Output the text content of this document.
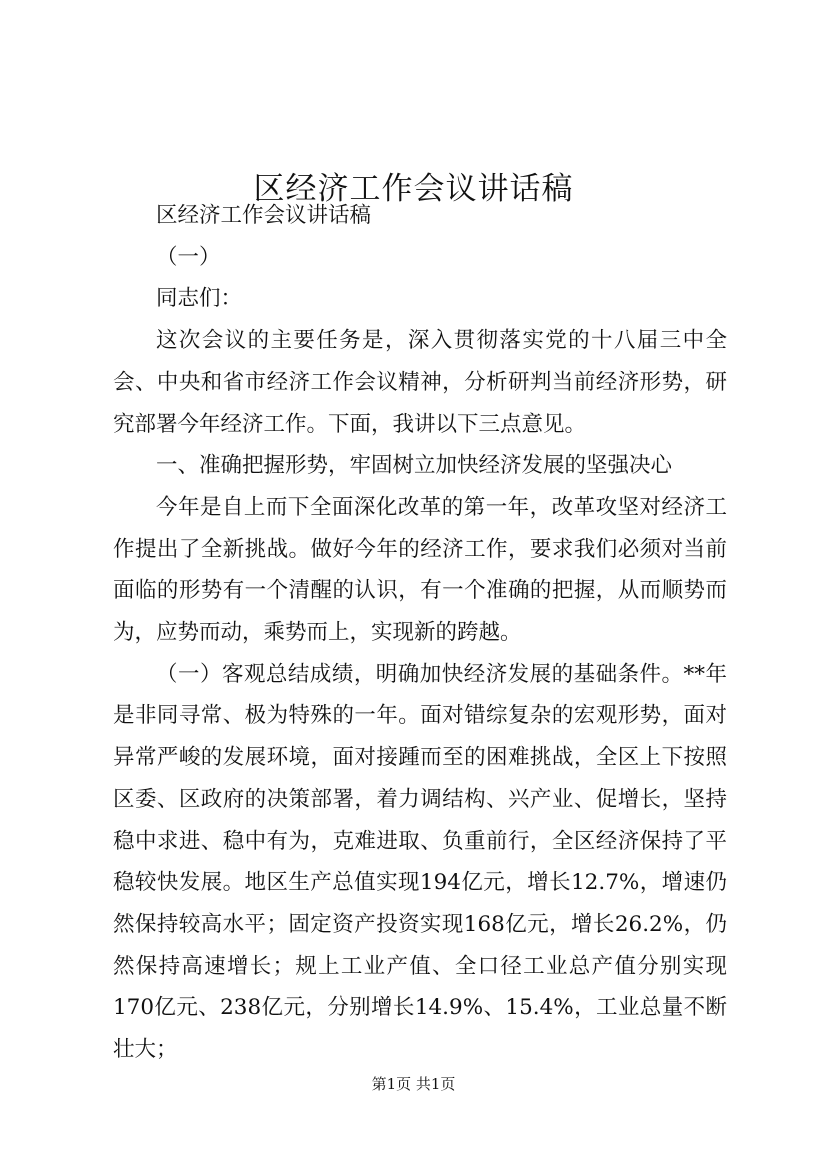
区经济工作会议讲话稿

区经济工作会议讲话稿

（一）

同志们：

这次会议的主要任务是，深入贯彻落实党的十八届三中全会、中央和省市经济工作会议精神，分析研判当前经济形势，研究部署今年经济工作。下面，我讲以下三点意见。

一、准确把握形势，牢固树立加快经济发展的坚强决心

今年是自上而下全面深化改革的第一年，改革攻坚对经济工作提出了全新挑战。做好今年的经济工作，要求我们必须对当前面临的形势有一个清醒的认识，有一个准确的把握，从而顺势而为，应势而动，乘势而上，实现新的跨越。

（一）客观总结成绩，明确加快经济发展的基础条件。**年是非同寻常、极为特殊的一年。面对错综复杂的宏观形势，面对异常严峻的发展环境，面对接踵而至的困难挑战，全区上下按照区委、区政府的决策部署，着力调结构、兴产业、促增长，坚持稳中求进、稳中有为，克难进取、负重前行，全区经济保持了平稳较快发展。地区生产总值实现194亿元，增长12.7%，增速仍然保持较高水平；固定资产投资实现168亿元，增长26.2%，仍然保持高速增长；规上工业产值、全口径工业总产值分别实现170亿元、238亿元，分别增长14.9%、15.4%，工业总量不断壮大；

第1页 共1页
